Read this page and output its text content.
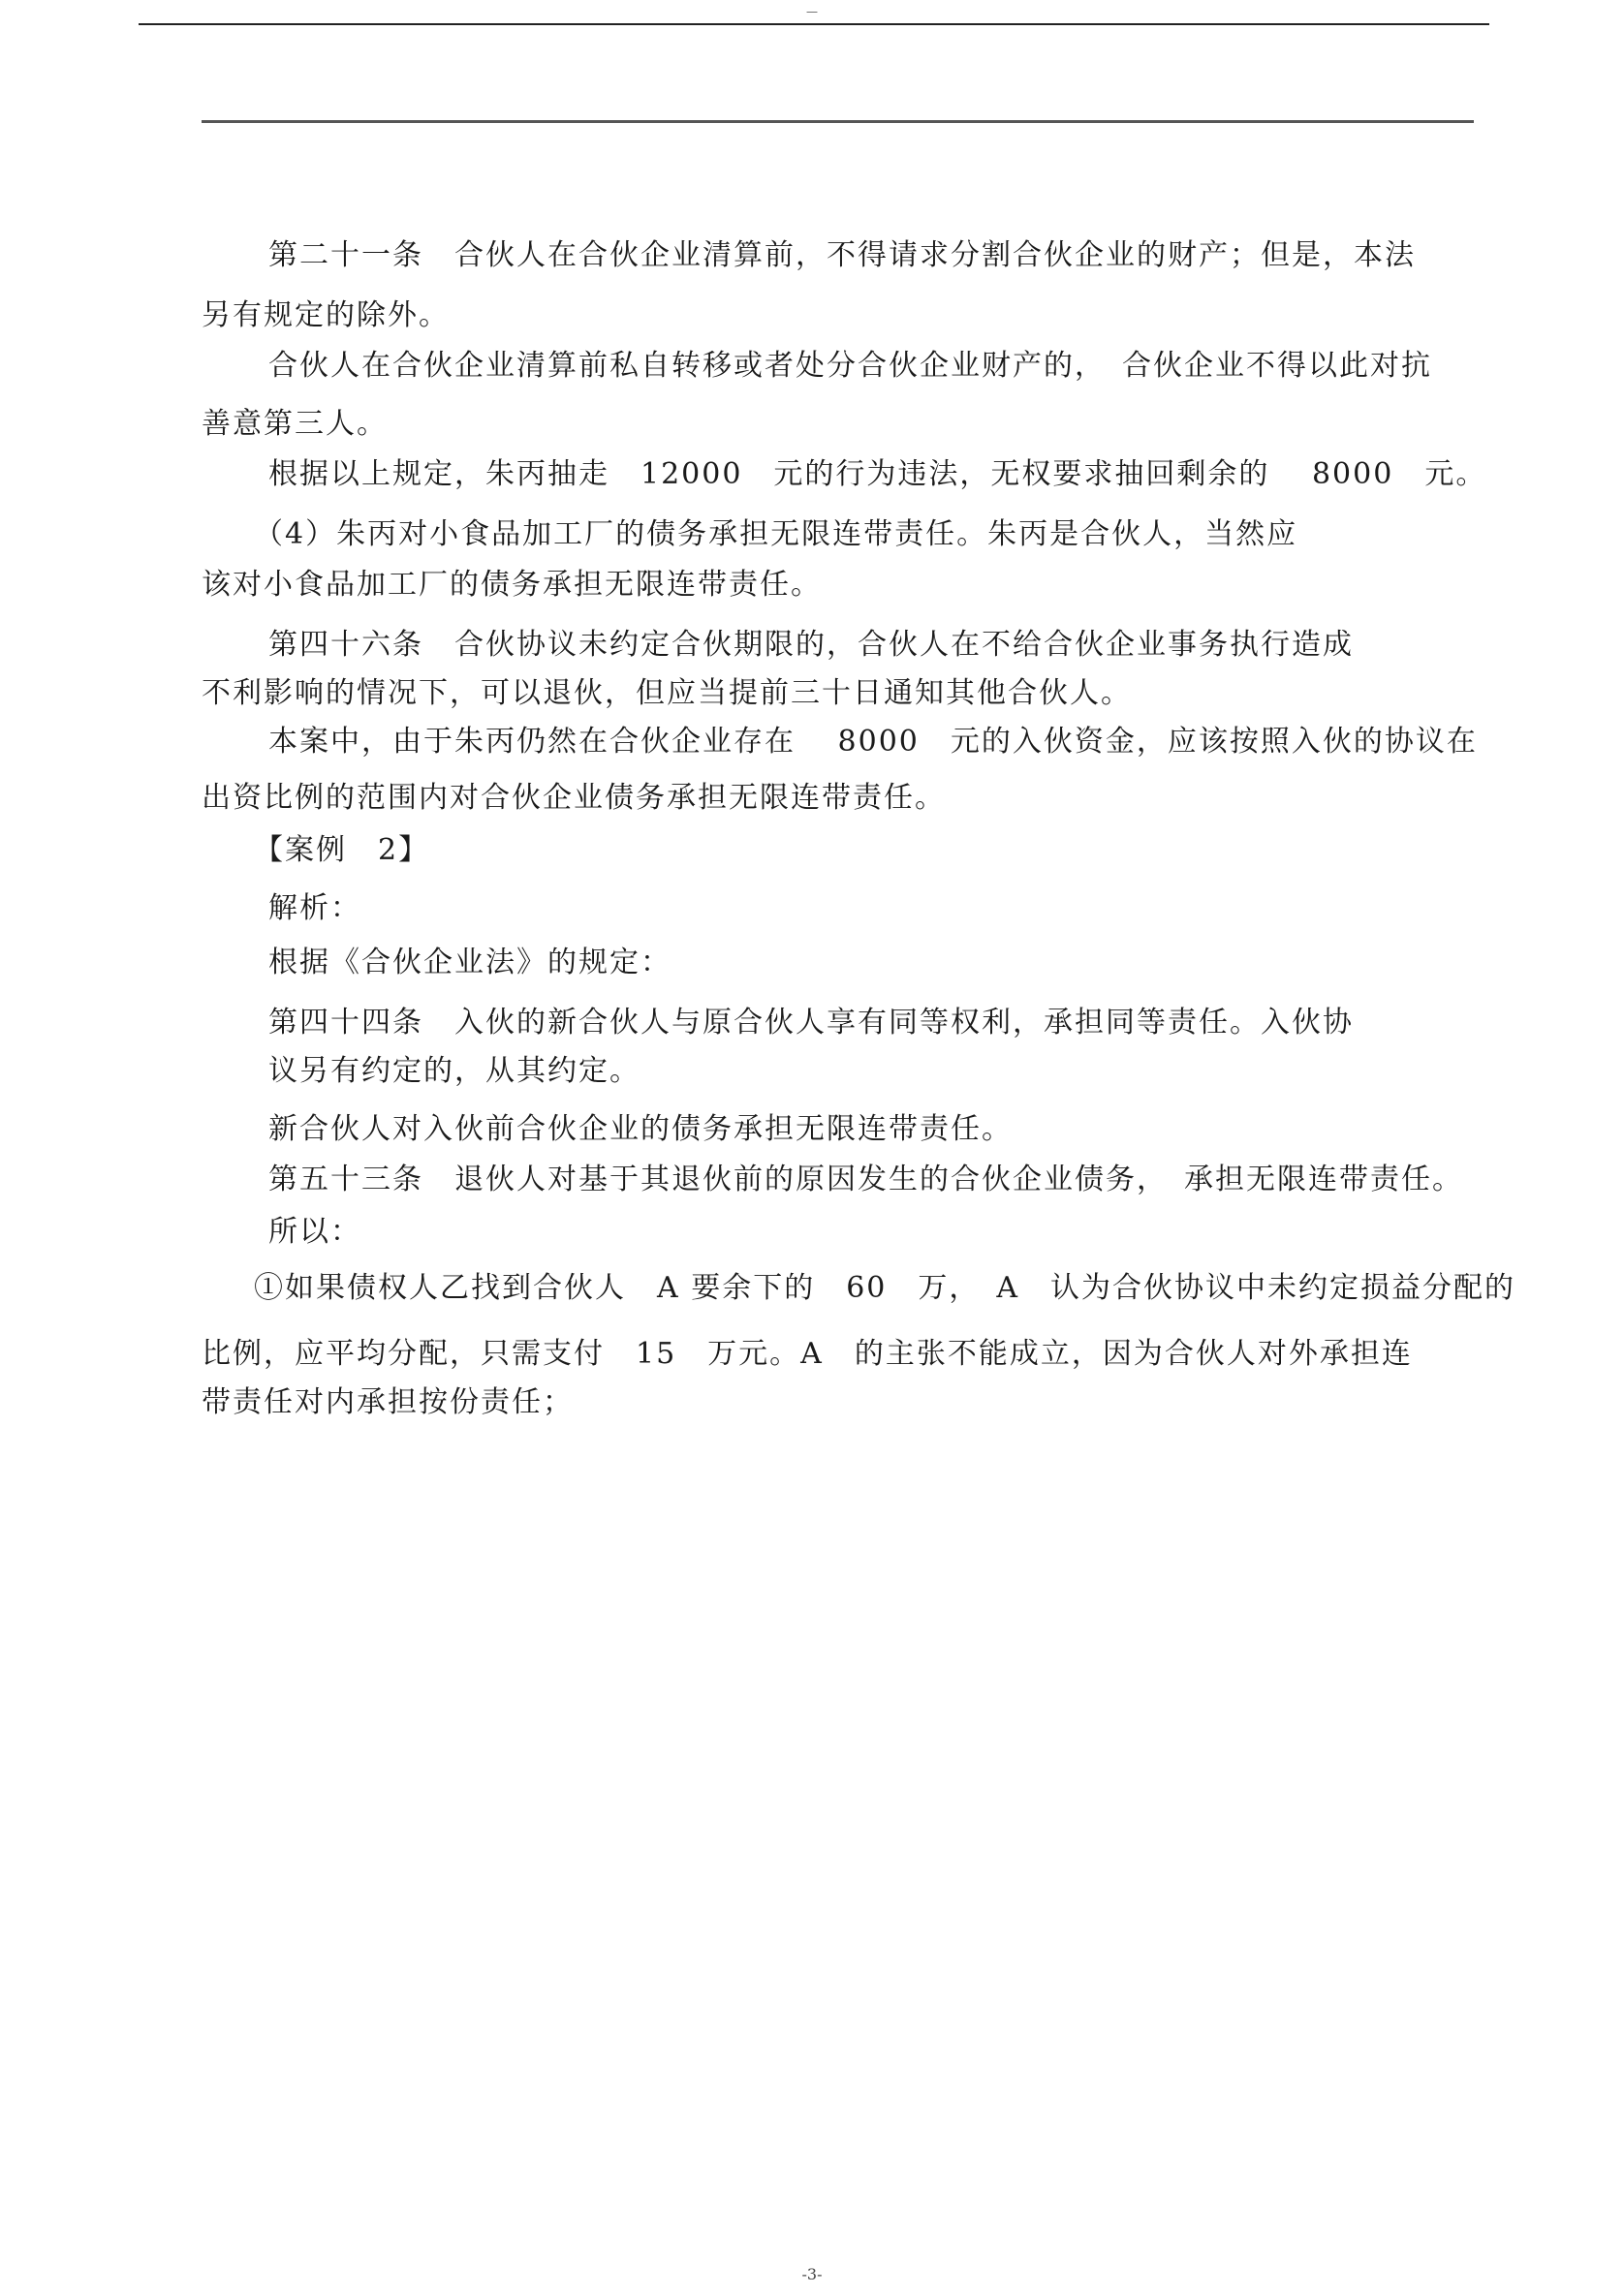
—
第二十一条　合伙人在合伙企业清算前，不得请求分割合伙企业的财产；但是，本法
另有规定的除外。
合伙人在合伙企业清算前私自转移或者处分合伙企业财产的，　合伙企业不得以此对抗
善意第三人。
根据以上规定，朱丙抽走　12000　元的行为违法，无权要求抽回剩余的　 8000　元。
（4）朱丙对小食品加工厂的债务承担无限连带责任。朱丙是合伙人，当然应
该对小食品加工厂的债务承担无限连带责任。
第四十六条　合伙协议未约定合伙期限的，合伙人在不给合伙企业事务执行造成
不利影响的情况下，可以退伙，但应当提前三十日通知其他合伙人。
本案中，由于朱丙仍然在合伙企业存在　 8000　元的入伙资金，应该按照入伙的协议在
出资比例的范围内对合伙企业债务承担无限连带责任。
【案例　2】
解析：
根据《合伙企业法》的规定：
第四十四条　入伙的新合伙人与原合伙人享有同等权利，承担同等责任。入伙协
议另有约定的，从其约定。
新合伙人对入伙前合伙企业的债务承担无限连带责任。
第五十三条　退伙人对基于其退伙前的原因发生的合伙企业债务，　承担无限连带责任。
所以：
①如果债权人乙找到合伙人　A 要余下的　60　万，　A　认为合伙协议中未约定损益分配的
比例，应平均分配，只需支付　15　万元。A　的主张不能成立，因为合伙人对外承担连
带责任对内承担按份责任；
-3-
